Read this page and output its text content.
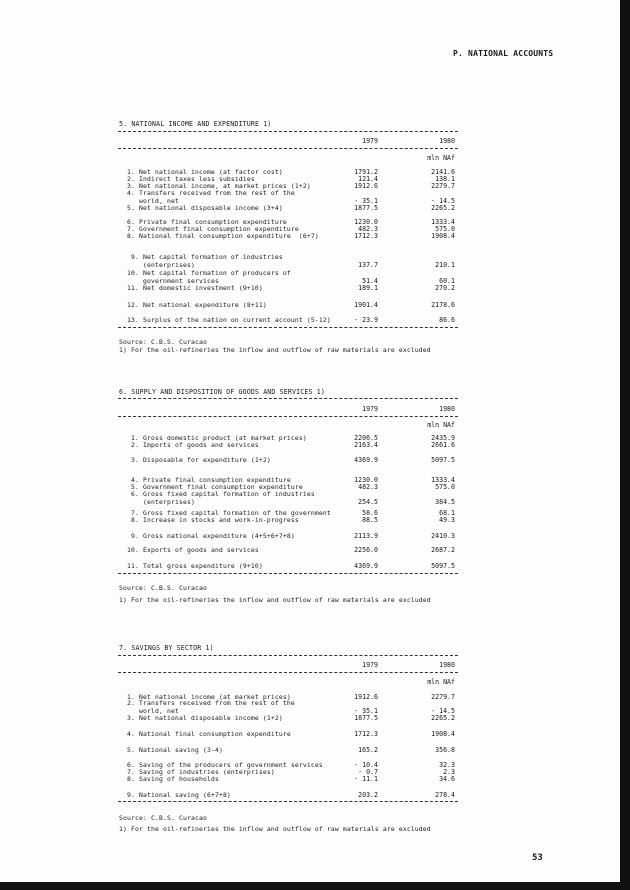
P. NATIONAL ACCOUNTS
53
5. NATIONAL INCOME AND EXPENDITURE 1)
1979	1980
mln NAf
1. Net national income (at factor cost)	1791.2	2141.6
2. Indirect taxes less subsidies	121.4	138.1
3. Net national income, at market prices (1+2)	1912.6	2279.7
4. Transfers received from the rest of the
world, net	- 35.1	- 14.5
5. Net national disposable income (3+4)	1877.5	2265.2
6. Private final consumption expenditure	1230.0	1333.4
7. Government final consumption expenditure	482.3	575.0
8. National final consumption expenditure  (6+7)	1712.3	1908.4
9. Net capital formation of industries
(enterprises)	137.7	210.1
10. Net capital formation of producers of
government services	51.4	60.1
11. Net domestic investment (9+10)	189.1	270.2
12. Net national expenditure (8+11)	1901.4	2178.6
13. Surplus of the nation on current account (5-12)	- 23.9	86.6
Source: C.B.S. Curacao
1) For the oil-refineries the inflow and outflow of raw materials are excluded
6. SUPPLY AND DISPOSITION OF GOODS AND SERVICES 1)
1979	1980
mln NAf
1. Gross domestic product (at market prices)	2206.5	2435.9
2. Imports of goods and services	2163.4	2661.6
3. Disposable for expenditure (1+2)	4369.9	5097.5
4. Private final consumption expenditure	1230.0	1333.4
5. Government final consumption expenditure	482.3	575.0
6. Gross fixed capital formation of industries
(enterprises)	254.5	384.5
7. Gross fixed capital formation of the government	58.6	68.1
8. Increase in stocks and work-in-progress	88.5	49.3
9. Gross national expenditure (4+5+6+7+8)	2113.9	2410.3
10. Exports of goods and services	2256.0	2687.2
11. Total gross expenditure (9+10)	4369.9	5097.5
Source: C.B.S. Curacao
1) For the oil-refineries the inflow and outflow of raw materials are excluded
7. SAVINGS BY SECTOR 1)
1979	1980
mln NAf
1. Net national income (at market prices)	1912.6	2279.7
2. Transfers received from the rest of the
world, net	- 35.1	- 14.5
3. Net national disposable income (1+2)	1877.5	2265.2
4. National final consumption expenditure	1712.3	1908.4
5. National saving (3-4)	165.2	356.8
6. Saving of the producers of government services	- 10.4	32.3
7. Saving of industries (enterprises)	- 0.7	2.3
8. Saving of households	- 11.1	34.6
9. National saving (6+7+8)	203.2	278.4
Source: C.B.S. Curacao
1) For the oil-refineries the inflow and outflow of raw materials are excluded
